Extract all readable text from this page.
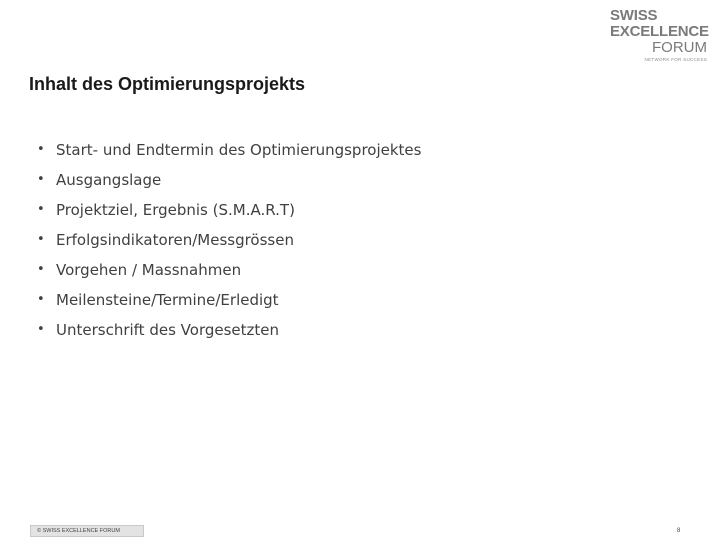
SWISS
EXCELLENCE
FORUM
NETWORK FOR SUCCESS
Inhalt des Optimierungsprojekts
• Start- und Endtermin des Optimierungsprojektes
• Ausgangslage
• Projektziel, Ergebnis (S.M.A.R.T)
• Erfolgsindikatoren/Messgrössen
• Vorgehen / Massnahmen
• Meilensteine/Termine/Erledigt
• Unterschrift des Vorgesetzten
© SWISS EXCELLENCE FORUM	8
